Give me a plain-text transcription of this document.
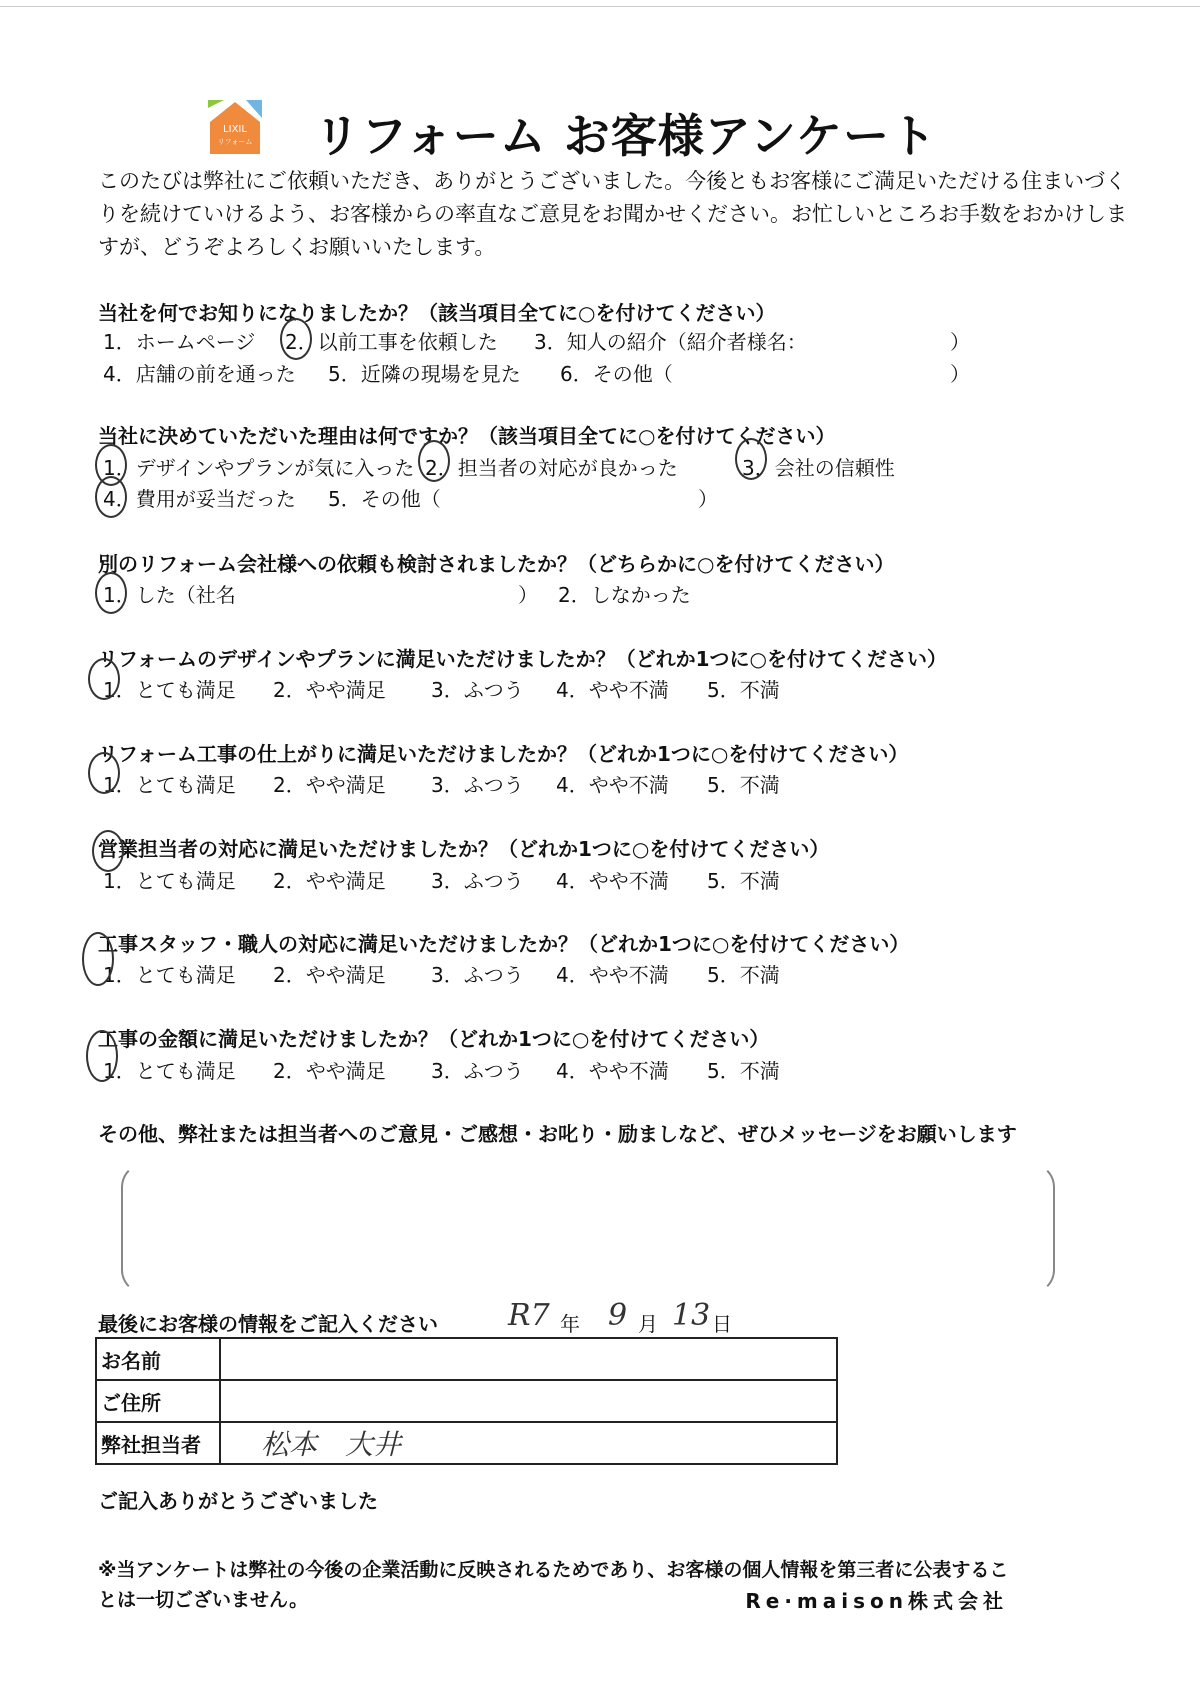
LIXIL
リフォーム リフォーム お客様アンケート
このたびは弊社にご依頼いただき、ありがとうございました。今後ともお客様にご満足いただける住まいづく
りを続けていけるよう、お客様からの率直なご意見をお聞かせください。お忙しいところお手数をおかけしま
すが、どうぞよろしくお願いいたします。
当社を何でお知りになりましたか？（該当項目全てに○を付けてください）
1．ホームページ 2．以前工事を依頼した 3．知人の紹介（紹介者様名：	）
4．店舗の前を通った 5．近隣の現場を見た 6．その他（	）
当社に決めていただいた理由は何ですか？（該当項目全てに○を付けてください）
1．デザインやプランが気に入った 2．担当者の対応が良かった	3．会社の信頼性
4．費用が妥当だった 5．その他（	）
別のリフォーム会社様への依頼も検討されましたか？（どちらかに○を付けてください）
1．した（社名	） 2．しなかった
リフォームのデザインやプランに満足いただけましたか？（どれか1つに○を付けてください）
1．とても満足 2．やや満足 3．ふつう 4．やや不満 5．不満
リフォーム工事の仕上がりに満足いただけましたか？（どれか1つに○を付けてください）
1．とても満足 2．やや満足 3．ふつう 4．やや不満 5．不満
営業担当者の対応に満足いただけましたか？（どれか1つに○を付けてください）
1．とても満足 2．やや満足 3．ふつう 4．やや不満 5．不満
工事スタッフ・職人の対応に満足いただけましたか？（どれか1つに○を付けてください）
1．とても満足 2．やや満足 3．ふつう 4．やや不満 5．不満
工事の金額に満足いただけましたか？（どれか1つに○を付けてください）
1．とても満足 2．やや満足 3．ふつう 4．やや不満 5．不満
その他、弊社または担当者へのご意見・ご感想・お叱り・励ましなど、ぜひメッセージをお願いします
最後にお客様の情報をご記入ください R7 年 9 月 13 日
お名前	
ご住所	
弊社担当者	松本　大井
ご記入ありがとうございました
※当アンケートは弊社の今後の企業活動に反映されるためであり、お客様の個人情報を第三者に公表するこ
とは一切ございません。	Re·maison株式会社
